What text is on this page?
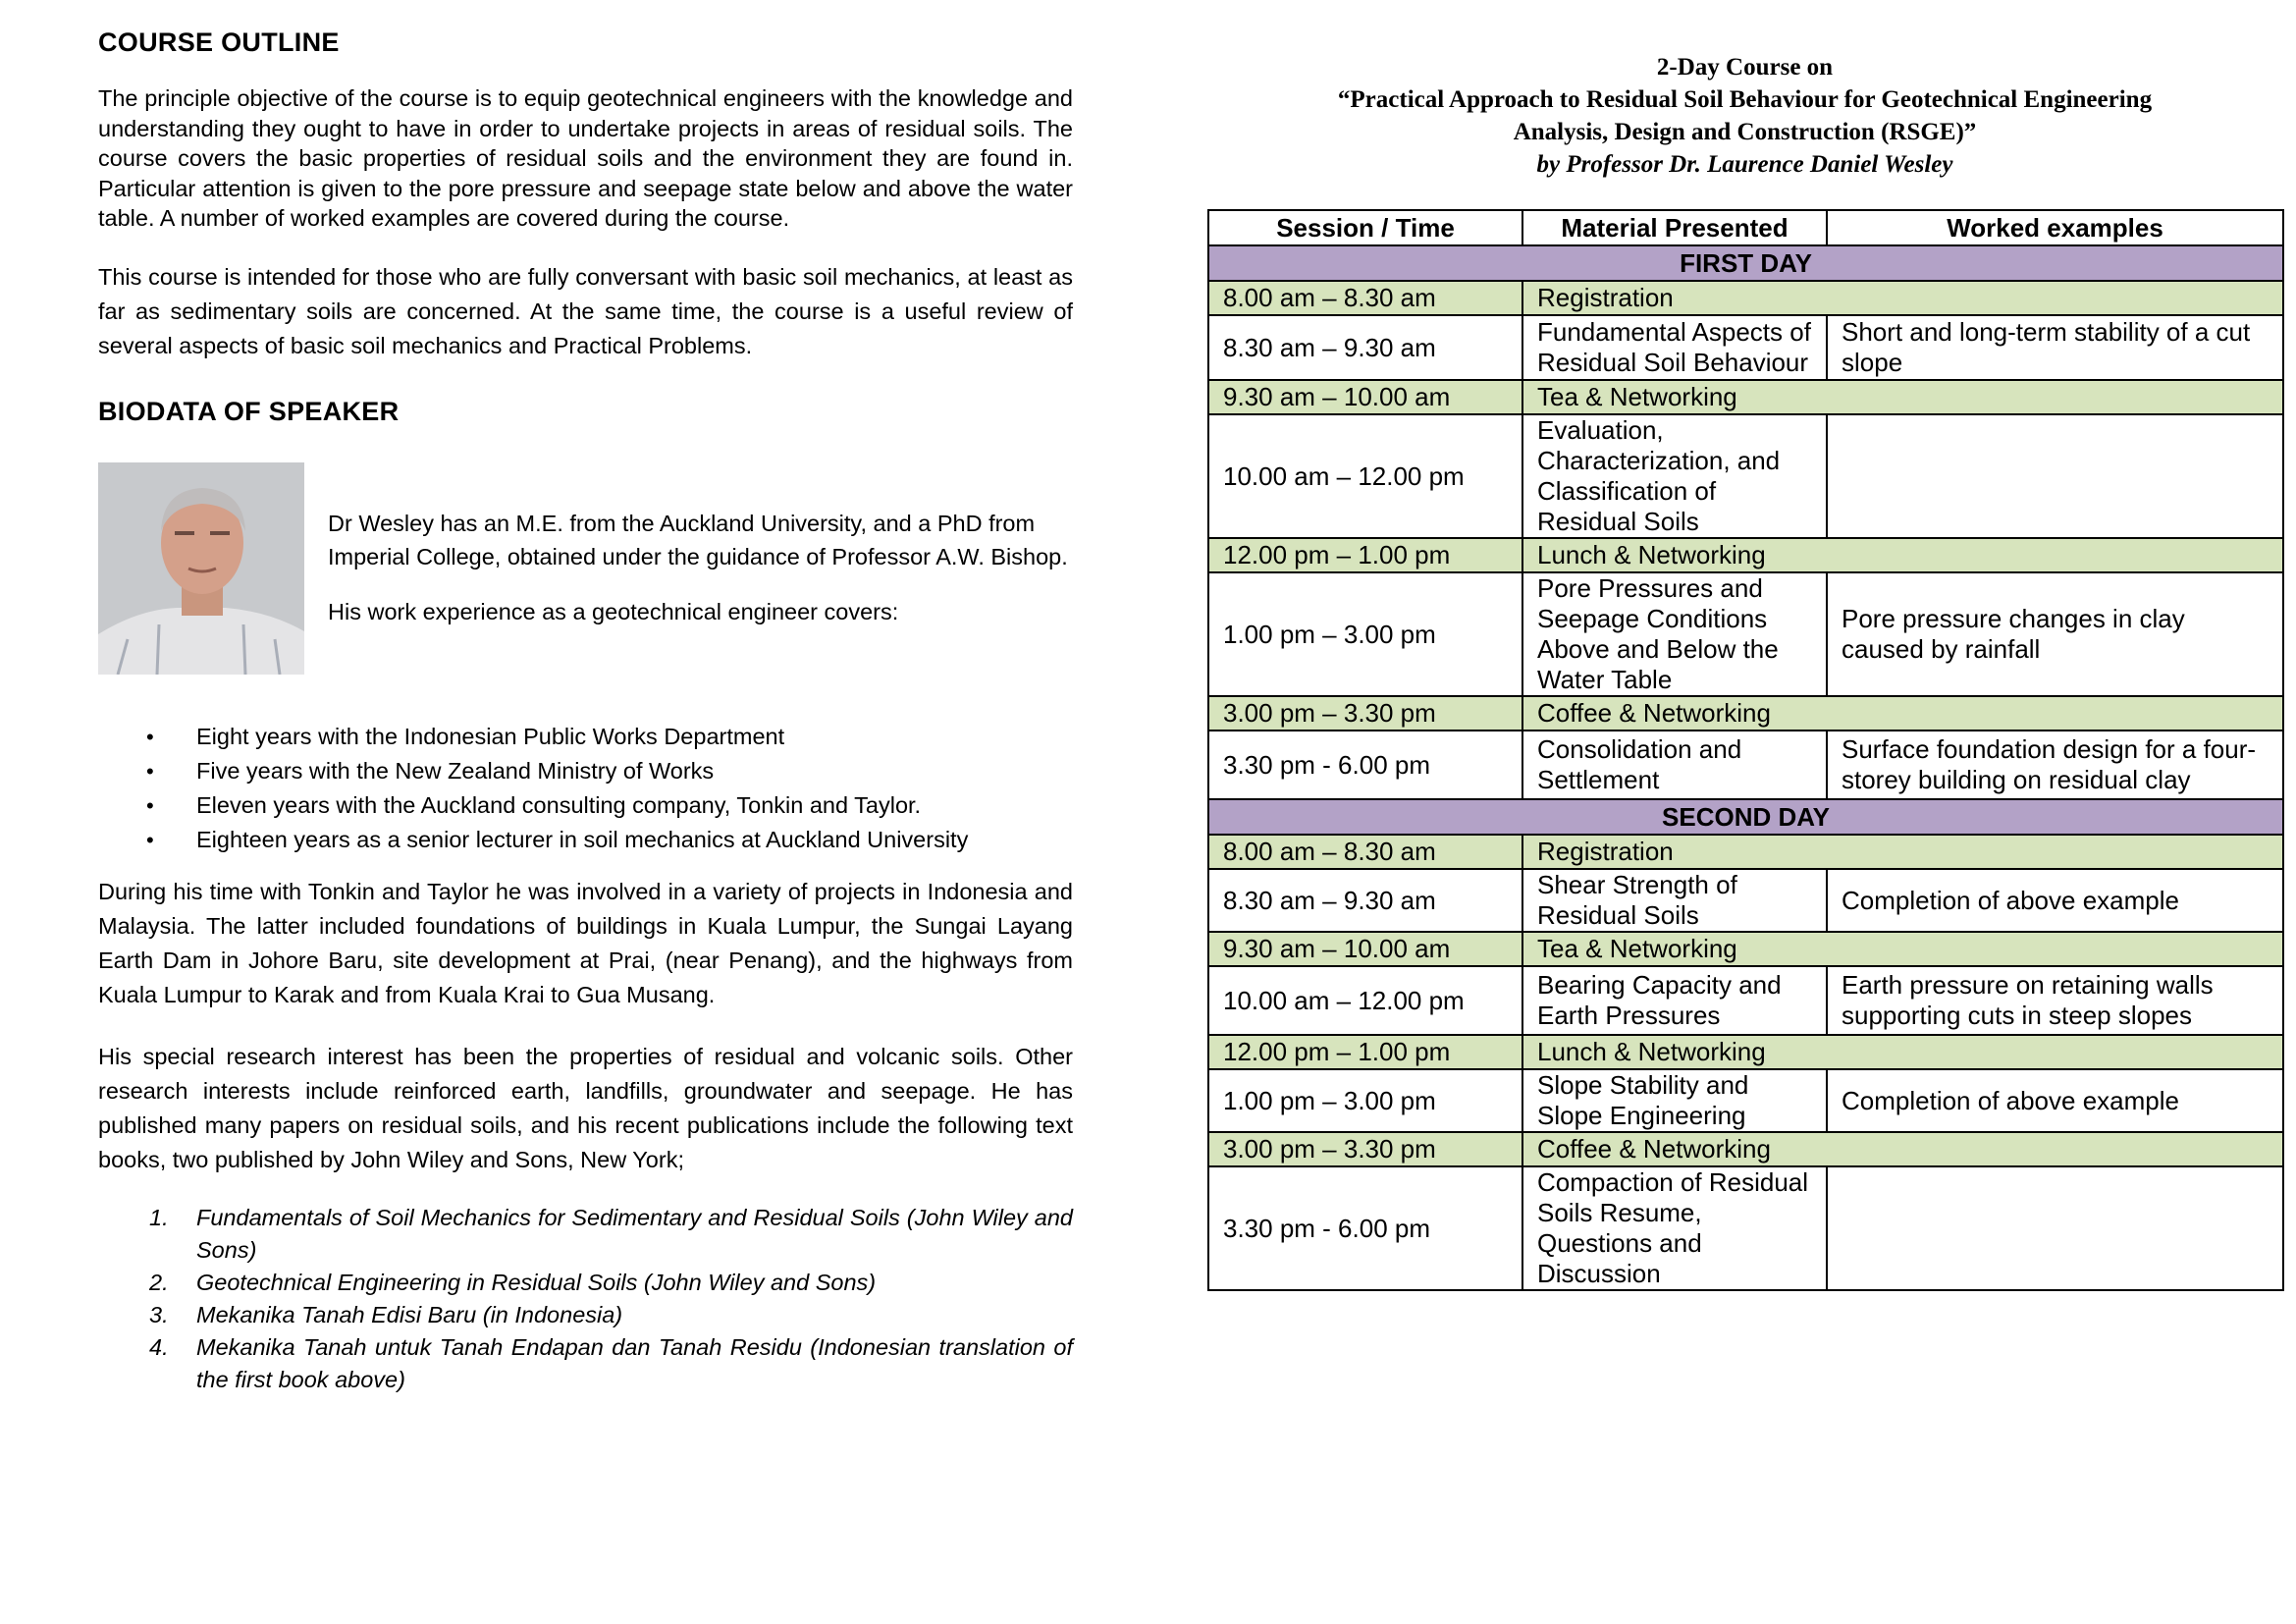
COURSE OUTLINE

The principle objective of the course is to equip geotechnical engineers with the knowledge and understanding they ought to have in order to undertake projects in areas of residual soils. The course covers the basic properties of residual soils and the environment they are found in. Particular attention is given to the pore pressure and seepage state below and above the water table. A number of worked examples are covered during the course.

This course is intended for those who are fully conversant with basic soil mechanics, at least as far as sedimentary soils are concerned. At the same time, the course is a useful review of several aspects of basic soil mechanics and Practical Problems.

BIODATA OF SPEAKER

Dr Wesley has an M.E. from the Auckland University, and a PhD from Imperial College, obtained under the guidance of Professor A.W. Bishop.

His work experience as a geotechnical engineer covers:

• Eight years with the Indonesian Public Works Department
• Five years with the New Zealand Ministry of Works
• Eleven years with the Auckland consulting company, Tonkin and Taylor.
• Eighteen years as a senior lecturer in soil mechanics at Auckland University

During his time with Tonkin and Taylor he was involved in a variety of projects in Indonesia and Malaysia. The latter included foundations of buildings in Kuala Lumpur, the Sungai Layang Earth Dam in Johore Baru, site development at Prai, (near Penang), and the highways from Kuala Lumpur to Karak and from Kuala Krai to Gua Musang.

His special research interest has been the properties of residual and volcanic soils. Other research interests include reinforced earth, landfills, groundwater and seepage. He has published many papers on residual soils, and his recent publications include the following text books, two published by John Wiley and Sons, New York;

1. Fundamentals of Soil Mechanics for Sedimentary and Residual Soils (John Wiley and Sons)
2. Geotechnical Engineering in Residual Soils (John Wiley and Sons)
3. Mekanika Tanah Edisi Baru (in Indonesia)
4. Mekanika Tanah untuk Tanah Endapan dan Tanah Residu (Indonesian translation of the first book above)
2-Day Course on
“Practical Approach to Residual Soil Behaviour for Geotechnical Engineering
Analysis, Design and Construction (RSGE)”
by Professor Dr. Laurence Daniel Wesley
Session / Time	Material Presented	Worked examples
FIRST DAY		
8.00 am – 8.30 am	Registration	
8.30 am – 9.30 am	Fundamental Aspects of Residual Soil Behaviour	Short and long-term stability of a cut slope
9.30 am – 10.00 am	Tea & Networking	
10.00 am – 12.00 pm	Evaluation, Characterization, and Classification of Residual Soils	
12.00 pm – 1.00 pm	Lunch & Networking	
1.00 pm – 3.00 pm	Pore Pressures and Seepage Conditions Above and Below the Water Table	Pore pressure changes in clay caused by rainfall
3.00 pm – 3.30 pm	Coffee & Networking	
3.30 pm - 6.00 pm	Consolidation and Settlement	Surface foundation design for a four-storey building on residual clay
SECOND DAY		
8.00 am – 8.30 am	Registration	
8.30 am – 9.30 am	Shear Strength of Residual Soils	Completion of above example
9.30 am – 10.00 am	Tea & Networking	
10.00 am – 12.00 pm	Bearing Capacity and Earth Pressures	Earth pressure on retaining walls supporting cuts in steep slopes
12.00 pm – 1.00 pm	Lunch & Networking	
1.00 pm – 3.00 pm	Slope Stability and Slope Engineering	Completion of above example
3.00 pm – 3.30 pm	Coffee & Networking	
3.30 pm - 6.00 pm	Compaction of Residual Soils Resume, Questions and Discussion	
